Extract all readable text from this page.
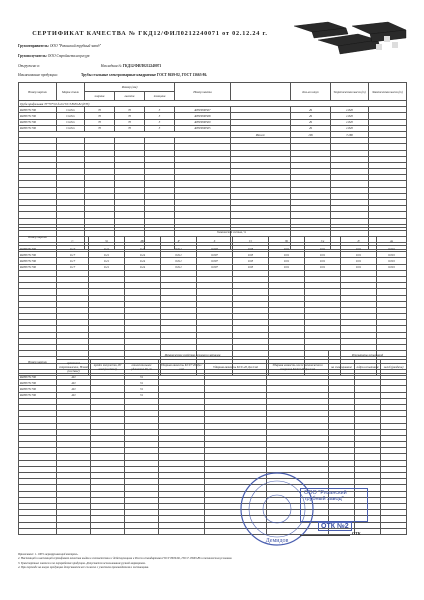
СЕРТИФИКАТ КАЧЕСТВА № ГКД12/ФИЛ0212240071 от 02.12.24 г.
Грузоотправитель: ООО "Рязанский трубный завод"
Грузополучатель: ООО Стройметаллоресурс
Отгружено в:	Накладная № ГКД12/ФИЛ0212240071
Наименование продукции:	Трубы стальные электросварные квадратные ГОСТ 8639-82, ГОСТ 13663-86.
Номер партии	Марка стали	Размер (мм)			Номер пакета		Кол-во штук	Теоретическая масса (т)	Фактическая масса (т)
		ширина	высота	толщина					
Труба профильная 70*70*3,0 дл.6 ГОСТ 8639-82 (РТЗ)									
RZN0731706	Ст3сп	70	70	3	RZN3006567		49	1.820	
RZN0731706	Ст3сп	70	70	3	RZN3006568		49	1.820	
RZN0731706	Ст3сп	70	70	3	RZN3006569		49	1.820	
RZN0731706	Ст3сп	70	70	3	RZN3006565		49	1.820	
						Итого:	196	7.280	

Номер партии	Химический состав, %									
	C	Si	Mn	P	S	Cr	Ni	Cu	N	As
RZN0731706	0.17	0.21	0.24	0.011	0.007	0.03	0.01	0.01	0.01	0.001
RZN0731706	0.17	0.21	0.24	0.011	0.007	0.03	0.01	0.01	0.01	0.001
RZN0731706	0.17	0.21	0.24	0.011	0.007	0.03	0.01	0.01	0.01	0.001
RZN0731706	0.17	0.21	0.24	0.011	0.007	0.03	0.01	0.01	0.01	0.001

Номер партии	Механические свойства основного металла						Результаты испытаний		
	временное сопротивление, Н/мм2 (кгс/мм2)	предел текучести, Н/мм2 (кгс/мм2)	относительное удлинение δ5, %	Ударная вязкость KCU+20 Дж/см2	Ударная вязкость KCU-20 Дж/см2	Ударная вязкость после механического старения KCU+20 Дж/см2	на сплющивание	гидро-испытание	загиб (раздача)
RZN0731706	491		31						
RZN0731706	491		31						
RZN0731706	491		31						
RZN0731706	491		31						

Демидов
ООО "Рязанский
трубный завод"
ОТК №2
ОТК
Примечание: 1. 100% неразрушающий контроль.
2. Настоящий и настоящий сертификат качества выдан в соответствии с действующими в России стандартами ГОСТ 8639-82, ГОСТ 13663-86 и техническим условиям.
3. Транспортные платежи по переработке продукции. Допускается использование ручной маркировки.
4. При переходе на новую продукцию допускаются все согласно с участием производителя и поставщика.
